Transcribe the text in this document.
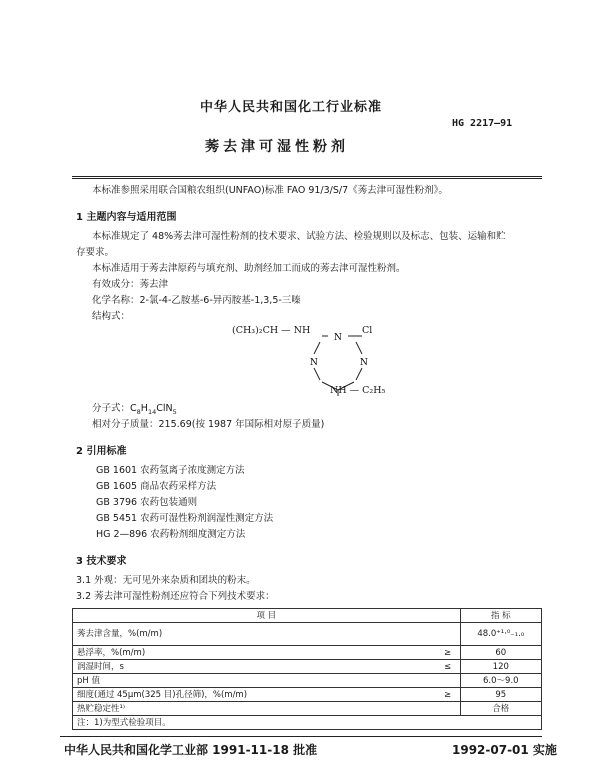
中华人民共和国化工行业标准
HG 2217—91
莠去津可湿性粉剂
本标准参照采用联合国粮农组织(UNFAO)标准 FAO 91/3/S/7《莠去津可湿性粉剂》。
1 主题内容与适用范围
本标准规定了 48%莠去津可湿性粉剂的技术要求、试验方法、检验规则以及标志、包装、运输和贮
存要求。
本标准适用于莠去津原药与填充剂、助剂经加工而成的莠去津可湿性粉剂。
有效成分：莠去津
化学名称：2-氯-4-乙胺基-6-异丙胺基-1,3,5-三嗪
结构式：
(CH₃)₂CH — NH	Cl
N
N	N
NH — C₂H₅
分子式：$C_8H_{14}ClN_5$
相对分子质量：215.69(按 1987 年国际相对原子质量)
2 引用标准
GB 1601 农药氢离子浓度测定方法
GB 1605 商品农药采样方法
GB 3796 农药包装通则
GB 5451 农药可湿性粉剂润湿性测定方法
HG 2—896 农药粉剂细度测定方法
3 技术要求
3.1 外观：无可见外来杂质和团块的粉末。
3.2 莠去津可湿性粉剂还应符合下列技术要求：
项 目		指 标
莠去津含量，%(m/m)		48.0⁺¹·⁰₋₁.₀
悬浮率，%(m/m)	≥	60
润湿时间，s	≤	120
pH 值		6.0～9.0
细度(通过 45μm(325 目)孔径筛)，%(m/m)	≥	95
热贮稳定性¹⁾		合格
注：1)为型式检验项目。		
中华人民共和国化学工业部 1991-11-18 批准	1992-07-01 实施
